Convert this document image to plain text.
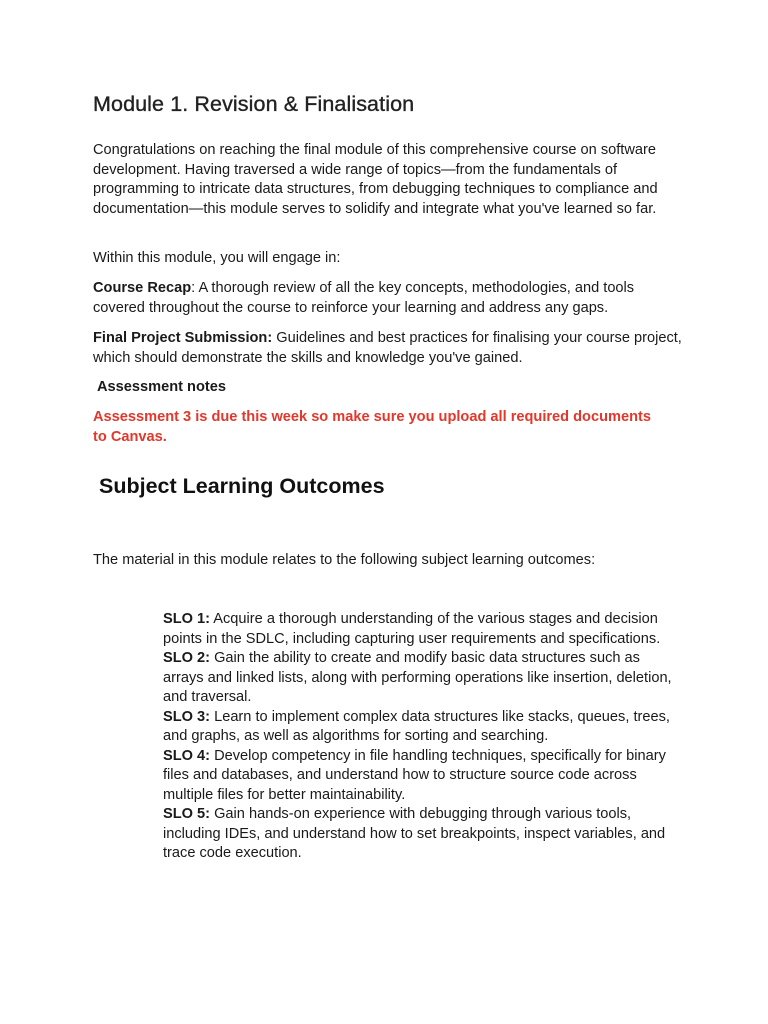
Module 1. Revision & Finalisation

Congratulations on reaching the final module of this comprehensive course on software development. Having traversed a wide range of topics—from the fundamentals of programming to intricate data structures, from debugging techniques to compliance and documentation—this module serves to solidify and integrate what you've learned so far.

Within this module, you will engage in:

Course Recap: A thorough review of all the key concepts, methodologies, and tools covered throughout the course to reinforce your learning and address any gaps.

Final Project Submission: Guidelines and best practices for finalising your course project, which should demonstrate the skills and knowledge you've gained.

Assessment notes

Assessment 3 is due this week so make sure you upload all required documents to Canvas.

Subject Learning Outcomes

The material in this module relates to the following subject learning outcomes:

SLO 1: Acquire a thorough understanding of the various stages and decision points in the SDLC, including capturing user requirements and specifications.
SLO 2: Gain the ability to create and modify basic data structures such as arrays and linked lists, along with performing operations like insertion, deletion, and traversal.
SLO 3: Learn to implement complex data structures like stacks, queues, trees, and graphs, as well as algorithms for sorting and searching.
SLO 4: Develop competency in file handling techniques, specifically for binary files and databases, and understand how to structure source code across multiple files for better maintainability.
SLO 5: Gain hands-on experience with debugging through various tools, including IDEs, and understand how to set breakpoints, inspect variables, and trace code execution.
